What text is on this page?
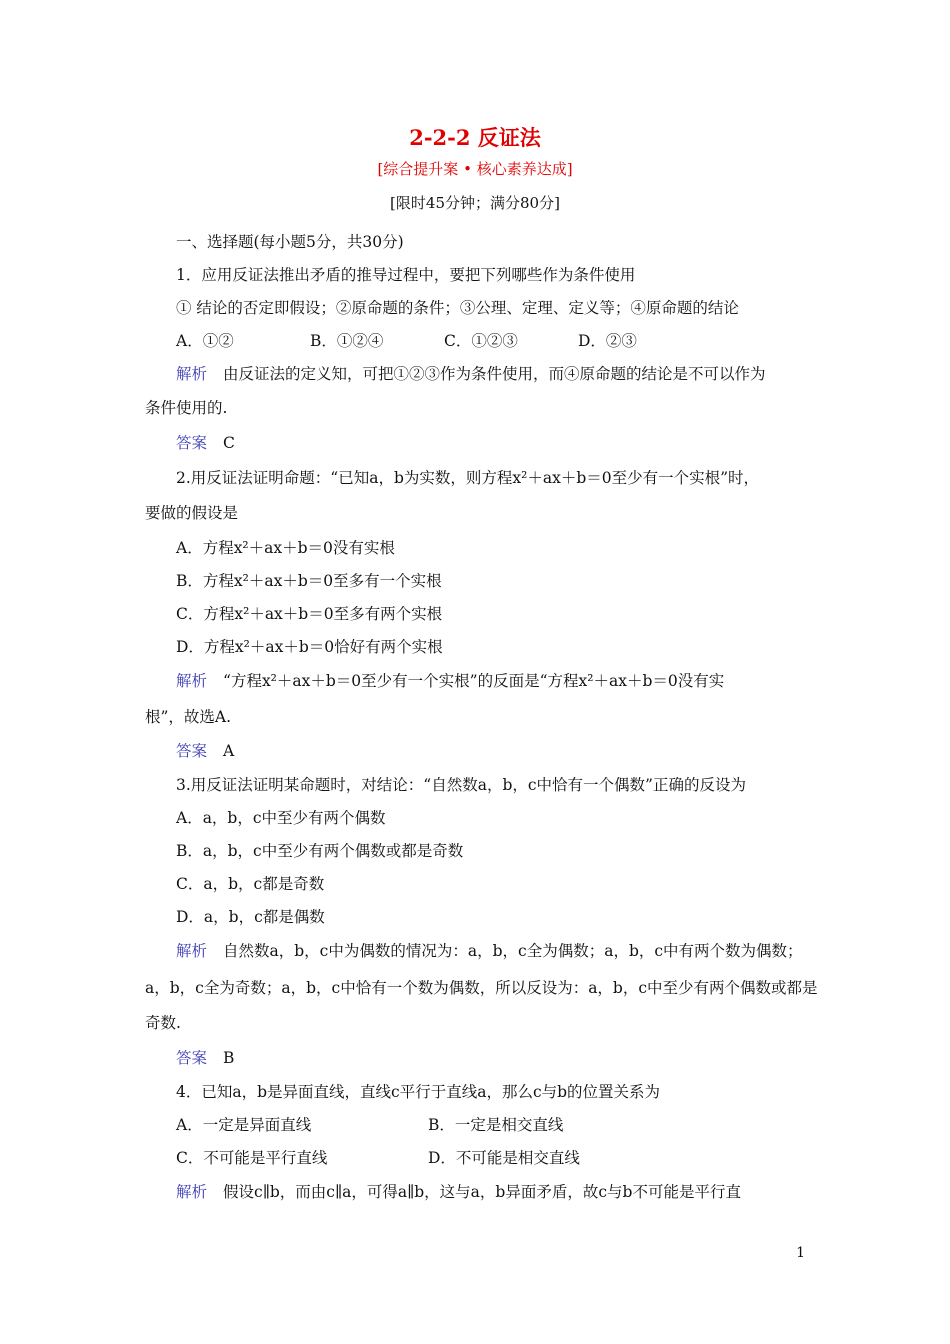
2-2-2 反证法
[综合提升案 • 核心素养达成]
[限时45分钟；满分80分]
一、选择题(每小题5分，共30分)
1．应用反证法推出矛盾的推导过程中，要把下列哪些作为条件使用
① 结论的否定即假设；②原命题的条件；③公理、定理、定义等；④原命题的结论
A．①②	B．①②④	C．①②③	D．②③
解析 由反证法的定义知，可把①②③作为条件使用，而④原命题的结论是不可以作为
条件使用的.
答案 C
2.用反证法证明命题：“已知a，b为实数，则方程x²＋ax＋b＝0至少有一个实根”时，
要做的假设是
A．方程x²＋ax＋b＝0没有实根
B．方程x²＋ax＋b＝0至多有一个实根
C．方程x²＋ax＋b＝0至多有两个实根
D．方程x²＋ax＋b＝0恰好有两个实根
解析 “方程x²＋ax＋b＝0至少有一个实根”的反面是“方程x²＋ax＋b＝0没有实
根”，故选A.
答案 A
3.用反证法证明某命题时，对结论：“自然数a，b，c中恰有一个偶数”正确的反设为
A．a，b，c中至少有两个偶数
B．a，b，c中至少有两个偶数或都是奇数
C．a，b，c都是奇数
D．a，b，c都是偶数
解析 自然数a，b，c中为偶数的情况为：a，b，c全为偶数；a，b，c中有两个数为偶数；
a，b，c全为奇数；a，b，c中恰有一个数为偶数，所以反设为：a，b，c中至少有两个偶数或都是
奇数.
答案 B
4．已知a，b是异面直线，直线c平行于直线a，那么c与b的位置关系为
A．一定是异面直线	B．一定是相交直线
C．不可能是平行直线	D．不可能是相交直线
解析 假设c∥b，而由c∥a，可得a∥b，这与a，b异面矛盾，故c与b不可能是平行直
1
